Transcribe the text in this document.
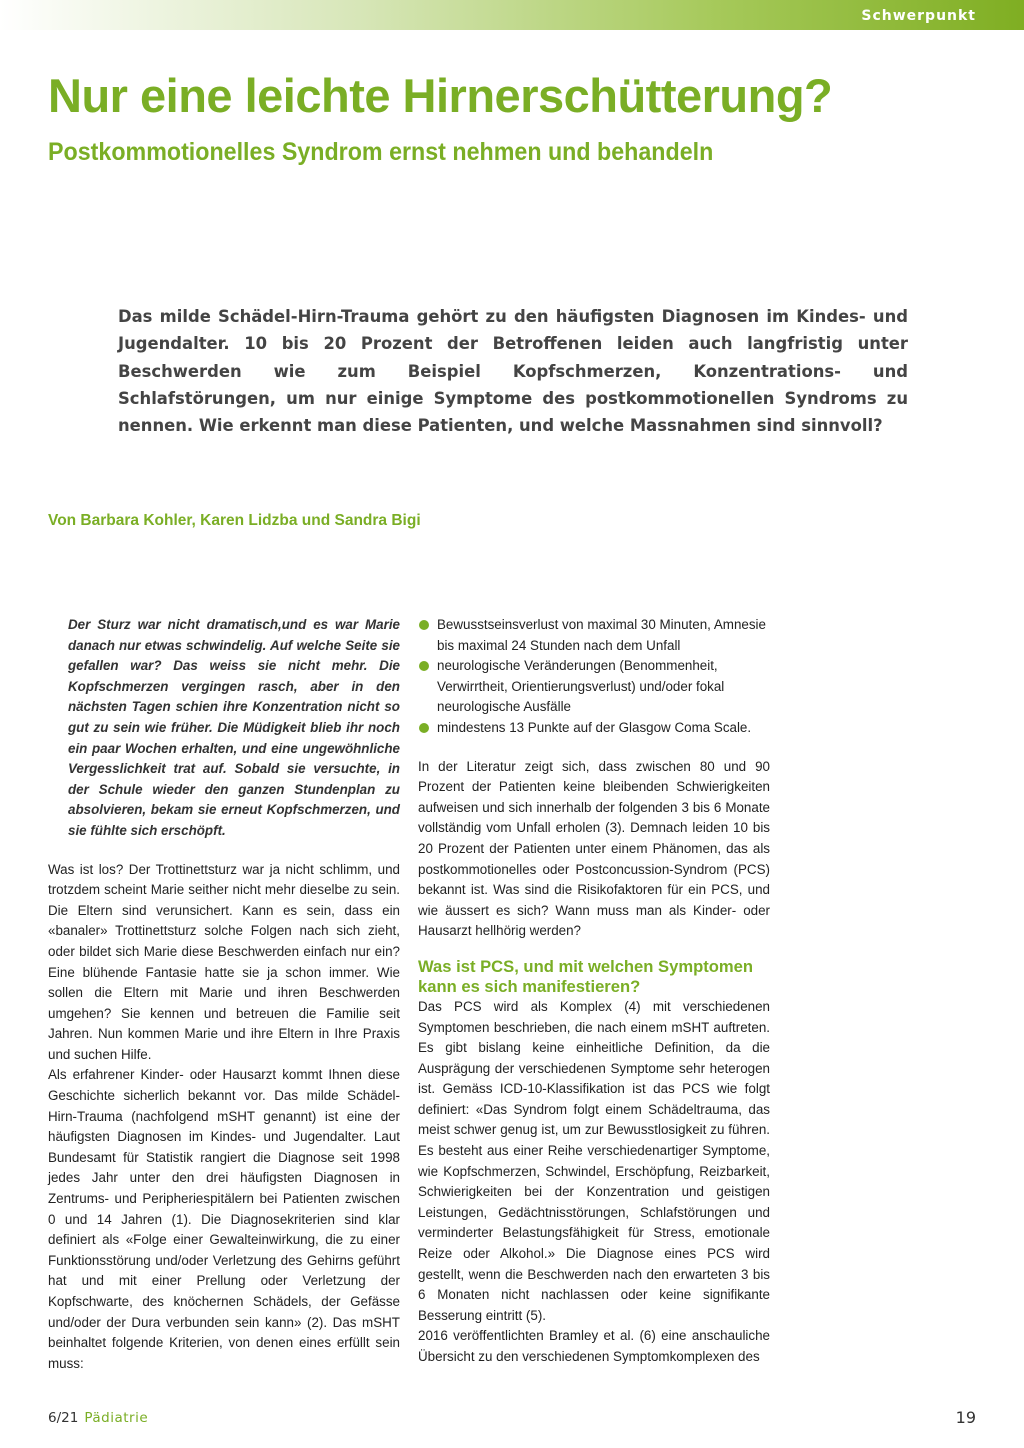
Schwerpunkt
Nur eine leichte Hirnerschütterung?
Postkommotionelles Syndrom ernst nehmen und behandeln

Das milde Schädel-Hirn-Trauma gehört zu den häufigsten Diagnosen im Kindes- und Jugendalter. 10 bis 20 Prozent der Betroffenen leiden auch langfristig unter Beschwerden wie zum Beispiel Kopfschmerzen, Konzentrations- und Schlafstörungen, um nur einige Symptome des postkommotionellen Syndroms zu nennen. Wie erkennt man diese Patienten, und welche Massnahmen sind sinnvoll?

Von Barbara Kohler, Karen Lidzba und Sandra Bigi

Der Sturz war nicht dramatisch,und es war Marie danach nur etwas schwindelig. Auf welche Seite sie gefallen war? Das weiss sie nicht mehr. Die Kopfschmerzen vergingen rasch, aber in den nächsten Tagen schien ihre Konzentration nicht so gut zu sein wie früher. Die Müdigkeit blieb ihr noch ein paar Wochen erhalten, und eine ungewöhnliche Vergesslichkeit trat auf. Sobald sie versuchte, in der Schule wieder den ganzen Stundenplan zu absolvieren, bekam sie erneut Kopfschmerzen, und sie fühlte sich erschöpft.

Was ist los? Der Trottinettsturz war ja nicht schlimm, und trotzdem scheint Marie seither nicht mehr dieselbe zu sein. Die Eltern sind verunsichert. Kann es sein, dass ein «banaler» Trottinettsturz solche Folgen nach sich zieht, oder bildet sich Marie diese Beschwerden einfach nur ein? Eine blühende Fantasie hatte sie ja schon immer. Wie sollen die Eltern mit Marie und ihren Beschwerden umgehen? Sie kennen und betreuen die Familie seit Jahren. Nun kommen Marie und ihre Eltern in Ihre Praxis und suchen Hilfe.

Als erfahrener Kinder- oder Hausarzt kommt Ihnen diese Geschichte sicherlich bekannt vor. Das milde Schädel-Hirn-Trauma (nachfolgend mSHT genannt) ist eine der häufigsten Diagnosen im Kindes- und Jugendalter. Laut Bundesamt für Statistik rangiert die Diagnose seit 1998 jedes Jahr unter den drei häufigsten Diagnosen in Zentrums- und Peripheriespitälern bei Patienten zwischen 0 und 14 Jahren (1). Die Diagnosekriterien sind klar definiert als «Folge einer Gewalteinwirkung, die zu einer Funktionsstörung und/oder Verletzung des Gehirns geführt hat und mit einer Prellung oder Verletzung der Kopfschwarte, des knöchernen Schädels, der Gefässe und/oder der Dura verbunden sein kann» (2). Das mSHT beinhaltet folgende Kriterien, von denen eines erfüllt sein muss:

Bewusstseinsverlust von maximal 30 Minuten, Amnesie bis maximal 24 Stunden nach dem Unfall
neurologische Veränderungen (Benommenheit, Verwirrtheit, Orientierungsverlust) und/oder fokal neurologische Ausfälle
mindestens 13 Punkte auf der Glasgow Coma Scale.

In der Literatur zeigt sich, dass zwischen 80 und 90 Prozent der Patienten keine bleibenden Schwierigkeiten aufweisen und sich innerhalb der folgenden 3 bis 6 Monate vollständig vom Unfall erholen (3). Demnach leiden 10 bis 20 Prozent der Patienten unter einem Phänomen, das als postkommotionelles oder Postconcussion-Syndrom (PCS) bekannt ist. Was sind die Risikofaktoren für ein PCS, und wie äussert es sich? Wann muss man als Kinder- oder Hausarzt hellhörig werden?

Was ist PCS, und mit welchen Symptomen kann es sich manifestieren?

Das PCS wird als Komplex (4) mit verschiedenen Symptomen beschrieben, die nach einem mSHT auftreten. Es gibt bislang keine einheitliche Definition, da die Ausprägung der verschiedenen Symptome sehr heterogen ist. Gemäss ICD-10-Klassifikation ist das PCS wie folgt definiert: «Das Syndrom folgt einem Schädeltrauma, das meist schwer genug ist, um zur Bewusstlosigkeit zu führen. Es besteht aus einer Reihe verschiedenartiger Symptome, wie Kopfschmerzen, Schwindel, Erschöpfung, Reizbarkeit, Schwierigkeiten bei der Konzentration und geistigen Leistungen, Gedächtnisstörungen, Schlafstörungen und verminderter Belastungsfähigkeit für Stress, emotionale Reize oder Alkohol.» Die Diagnose eines PCS wird gestellt, wenn die Beschwerden nach den erwarteten 3 bis 6 Monaten nicht nachlassen oder keine signifikante Besserung eintritt (5).

2016 veröffentlichten Bramley et al. (6) eine anschauliche Übersicht zu den verschiedenen Symptomkomplexen des

6/21 Pädiatrie	19
